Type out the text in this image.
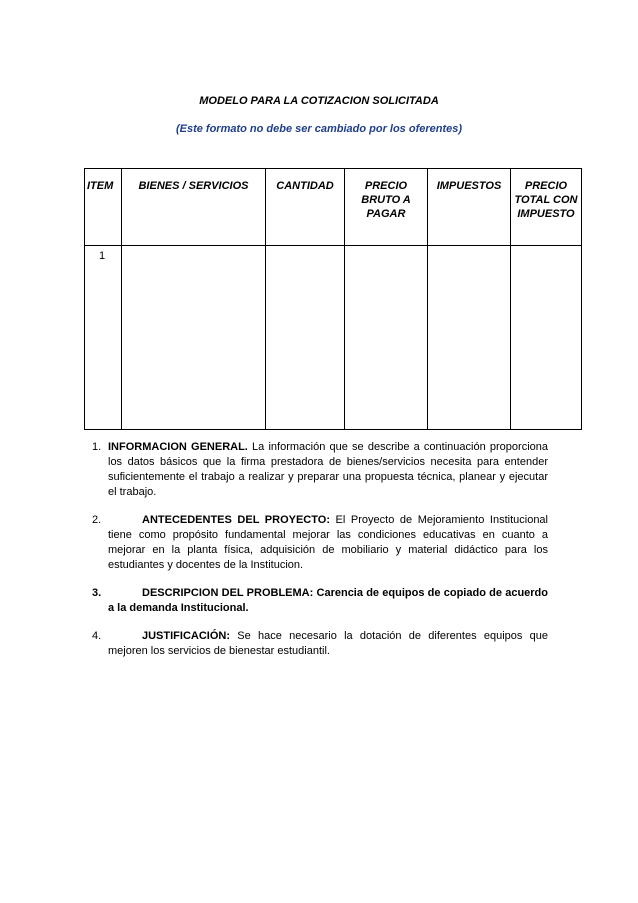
MODELO PARA LA COTIZACION SOLICITADA
(Este formato no debe ser cambiado por los oferentes)
ITEM	BIENES / SERVICIOS	CANTIDAD	PRECIO BRUTO A PAGAR	IMPUESTOS	PRECIO TOTAL CON IMPUESTO
1					
1. INFORMACION GENERAL. La información que se describe a continuación proporciona los datos básicos que la firma prestadora de bienes/servicios necesita para entender suficientemente el trabajo a realizar y preparar una propuesta técnica, planear y ejecutar el trabajo.
2.	ANTECEDENTES DEL PROYECTO: El Proyecto de Mejoramiento Institucional tiene como propósito fundamental mejorar las condiciones educativas en cuanto a mejorar en la planta física, adquisición de mobiliario y material didáctico para los estudiantes y docentes de la Institucion.
3.	DESCRIPCION DEL PROBLEMA: Carencia de equipos de copiado de acuerdo a la demanda Institucional.
4.	JUSTIFICACIÓN: Se hace necesario la dotación de diferentes equipos que mejoren los servicios de bienestar estudiantil.
